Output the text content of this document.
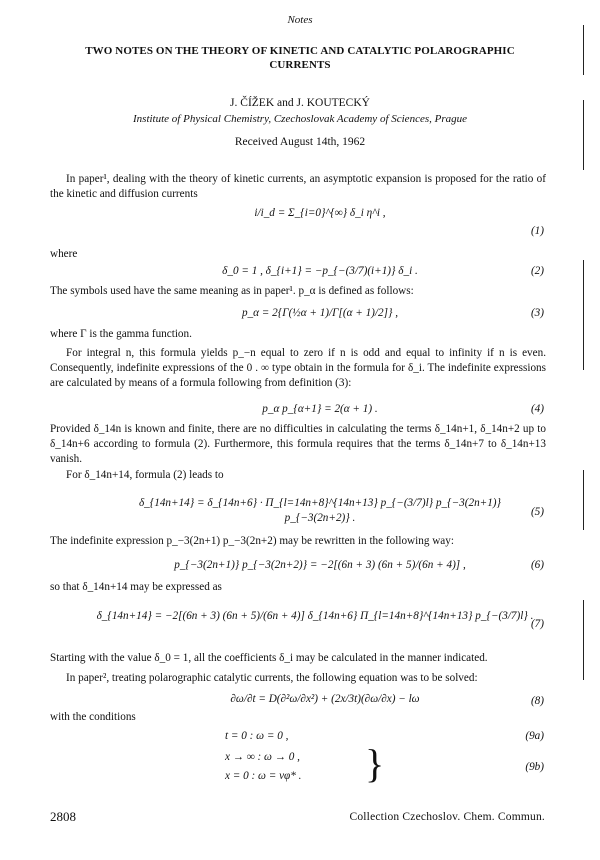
Notes
TWO NOTES ON THE THEORY OF KINETIC AND CATALYTIC POLAROGRAPHIC
CURRENTS
J. ČÍŽEK and J. KOUTECKÝ
Institute of Physical Chemistry, Czechoslovak Academy of Sciences, Prague
Received August 14th, 1962
In paper¹, dealing with the theory of kinetic currents, an asymptotic expansion is proposed for the ratio of the kinetic and diffusion currents
i/i_d = Σ_{i=0}^{∞} δ_i η^i ,
(1)
where
δ_0 = 1 , δ_{i+1} = −p_{−(3/7)(i+1)} δ_i .	(2)
The symbols used have the same meaning as in paper¹. p_α is defined as follows:
p_α = 2{Γ(½α + 1)/Γ[(α + 1)/2]} ,	(3)
where Γ is the gamma function.
For integral n, this formula yields p_−n equal to zero if n is odd and equal to infinity if n is even. Consequently, indefinite expressions of the 0 . ∞ type obtain in the formula for δ_i. The indefinite expressions are calculated by means of a formula following from definition (3):
p_α p_{α+1} = 2(α + 1) .	(4)
Provided δ_14n is known and finite, there are no difficulties in calculating the terms δ_14n+1, δ_14n+2 up to δ_14n+6 according to formula (2). Furthermore, this formula requires that the terms δ_14n+7 to δ_14n+13 vanish.
For δ_14n+14, formula (2) leads to
δ_{14n+14} = δ_{14n+6} · Π_{l=14n+8}^{14n+13} p_{−(3/7)l} p_{−3(2n+1)} p_{−3(2n+2)} .	(5)
The indefinite expression p_−3(2n+1) p_−3(2n+2) may be rewritten in the following way:
p_{−3(2n+1)} p_{−3(2n+2)} = −2[(6n + 3) (6n + 5)/(6n + 4)] ,	(6)
so that δ_14n+14 may be expressed as
δ_{14n+14} = −2[(6n + 3) (6n + 5)/(6n + 4)] δ_{14n+6} Π_{l=14n+8}^{14n+13} p_{−(3/7)l} .
(7)
Starting with the value δ_0 = 1, all the coefficients δ_i may be calculated in the manner indicated.
In paper², treating polarographic catalytic currents, the following equation was to be solved:
∂ω/∂t = D(∂²ω/∂x²) + (2x/3t)(∂ω/∂x) − lω	(8)
with the conditions
t = 0 : ω = 0 ,	(9a)
x → ∞ : ω → 0 ,
x = 0 : ω = νφ* .	}	(9b)
2808	Collection Czechoslov. Chem. Commun.
